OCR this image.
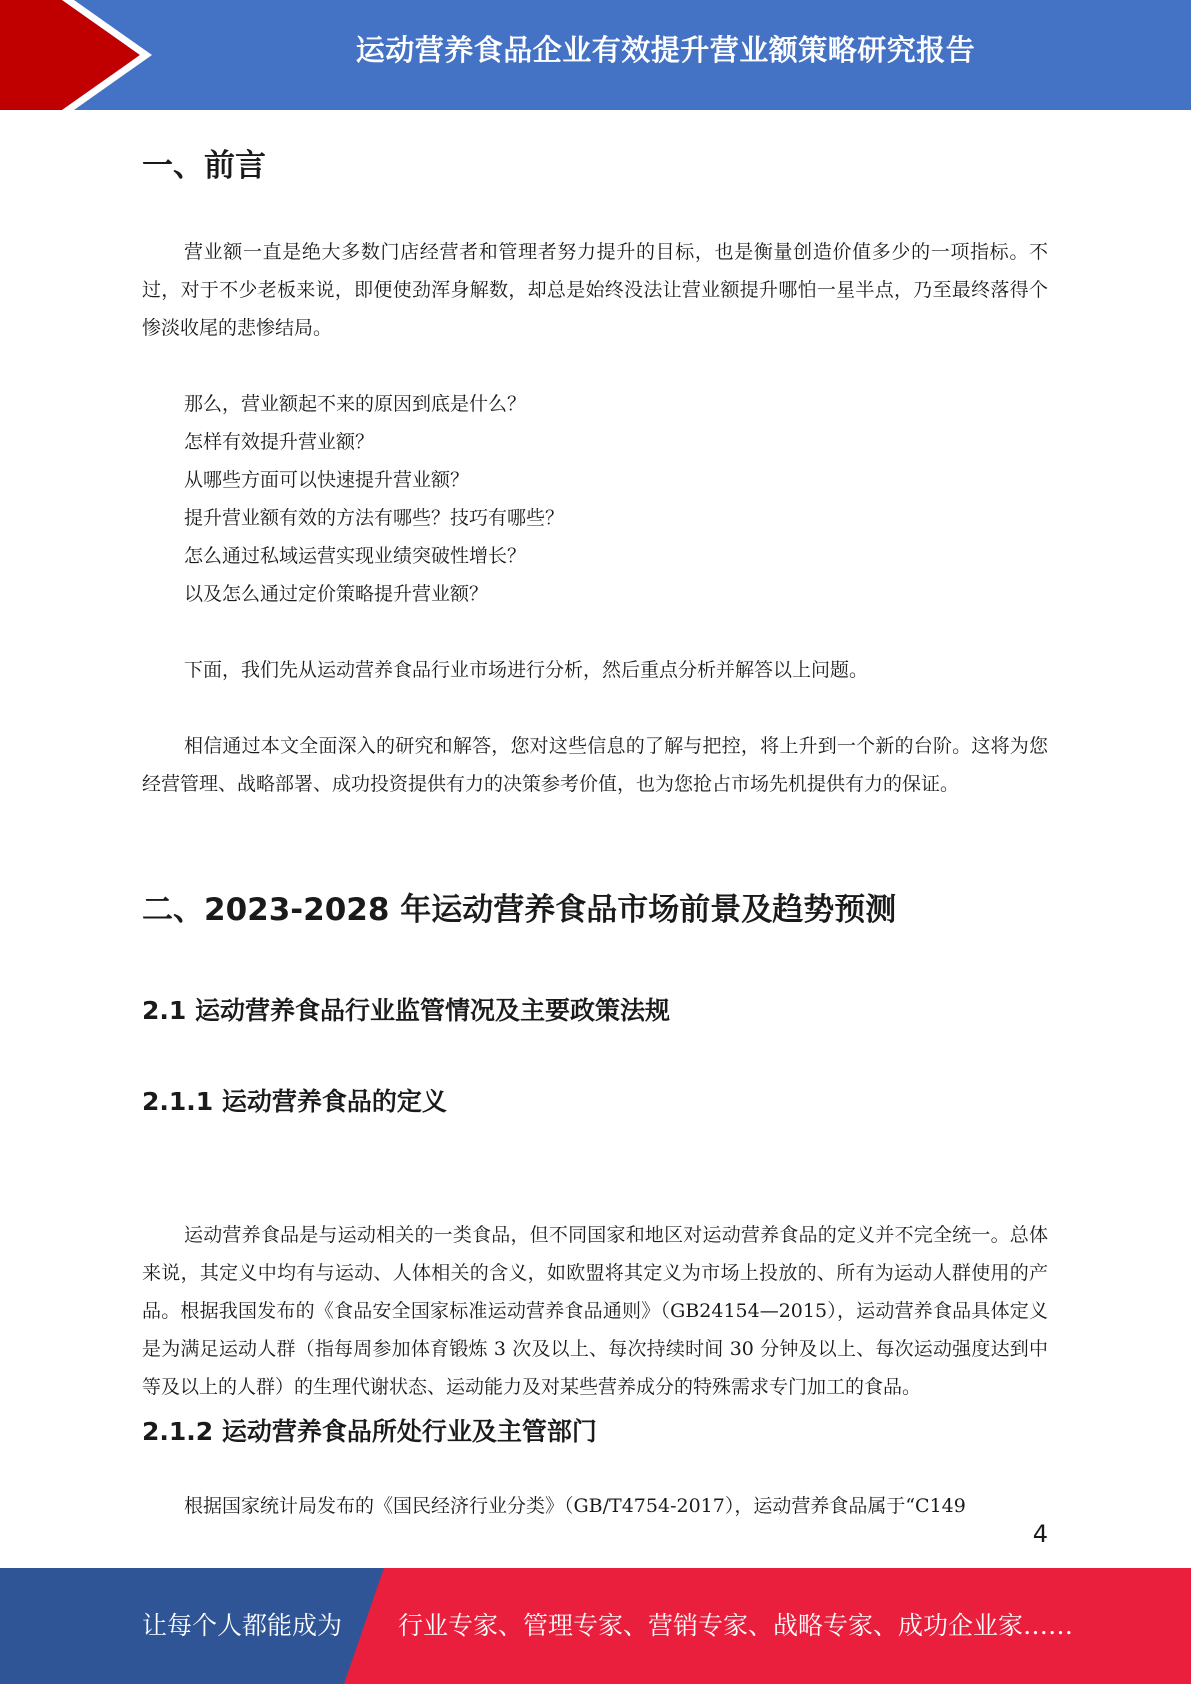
运动营养食品企业有效提升营业额策略研究报告
一、前言

营业额一直是绝大多数门店经营者和管理者努力提升的目标，也是衡量创造价值多少的一项指标。不过，对于不少老板来说，即便使劲浑身解数，却总是始终没法让营业额提升哪怕一星半点，乃至最终落得个惨淡收尾的悲惨结局。

那么，营业额起不来的原因到底是什么？
怎样有效提升营业额？
从哪些方面可以快速提升营业额？
提升营业额有效的方法有哪些？技巧有哪些？
怎么通过私域运营实现业绩突破性增长？
以及怎么通过定价策略提升营业额？

下面，我们先从运动营养食品行业市场进行分析，然后重点分析并解答以上问题。

相信通过本文全面深入的研究和解答，您对这些信息的了解与把控，将上升到一个新的台阶。这将为您经营管理、战略部署、成功投资提供有力的决策参考价值，也为您抢占市场先机提供有力的保证。

二、2023-2028 年运动营养食品市场前景及趋势预测
2.1 运动营养食品行业监管情况及主要政策法规
2.1.1 运动营养食品的定义

运动营养食品是与运动相关的一类食品，但不同国家和地区对运动营养食品的定义并不完全统一。总体来说，其定义中均有与运动、人体相关的含义，如欧盟将其定义为市场上投放的、所有为运动人群使用的产品。根据我国发布的《食品安全国家标准运动营养食品通则》（GB24154—2015），运动营养食品具体定义是为满足运动人群（指每周参加体育锻炼 3 次及以上、每次持续时间 30 分钟及以上、每次运动强度达到中等及以上的人群）的生理代谢状态、运动能力及对某些营养成分的特殊需求专门加工的食品。

2.1.2 运动营养食品所处行业及主管部门

根据国家统计局发布的《国民经济行业分类》（GB/T4754-2017），运动营养食品属于“C149

4
让每个人都能成为 行业专家、管理专家、营销专家、战略专家、成功企业家……
